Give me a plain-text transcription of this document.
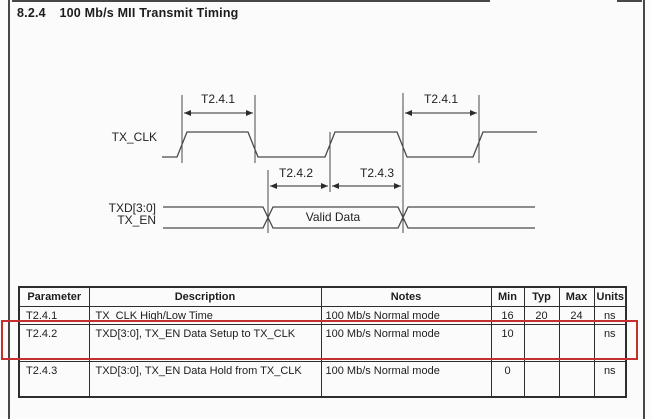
8.2.4 100 Mb/s MII Transmit Timing
T2.4.1	T2.4.1
T2.4.2	T2.4.3
TX_CLK
TXD[3:0]
TX_EN	Valid Data
Parameter	Description	Notes	Min	Typ	Max	Units
T2.4.1	TX_CLK High/Low Time	100 Mb/s Normal mode	16	20	24	ns
T2.4.2	TXD[3:0], TX_EN Data Setup to TX_CLK	100 Mb/s Normal mode	10			ns
T2.4.3	TXD[3:0], TX_EN Data Hold from TX_CLK	100 Mb/s Normal mode	0			ns
